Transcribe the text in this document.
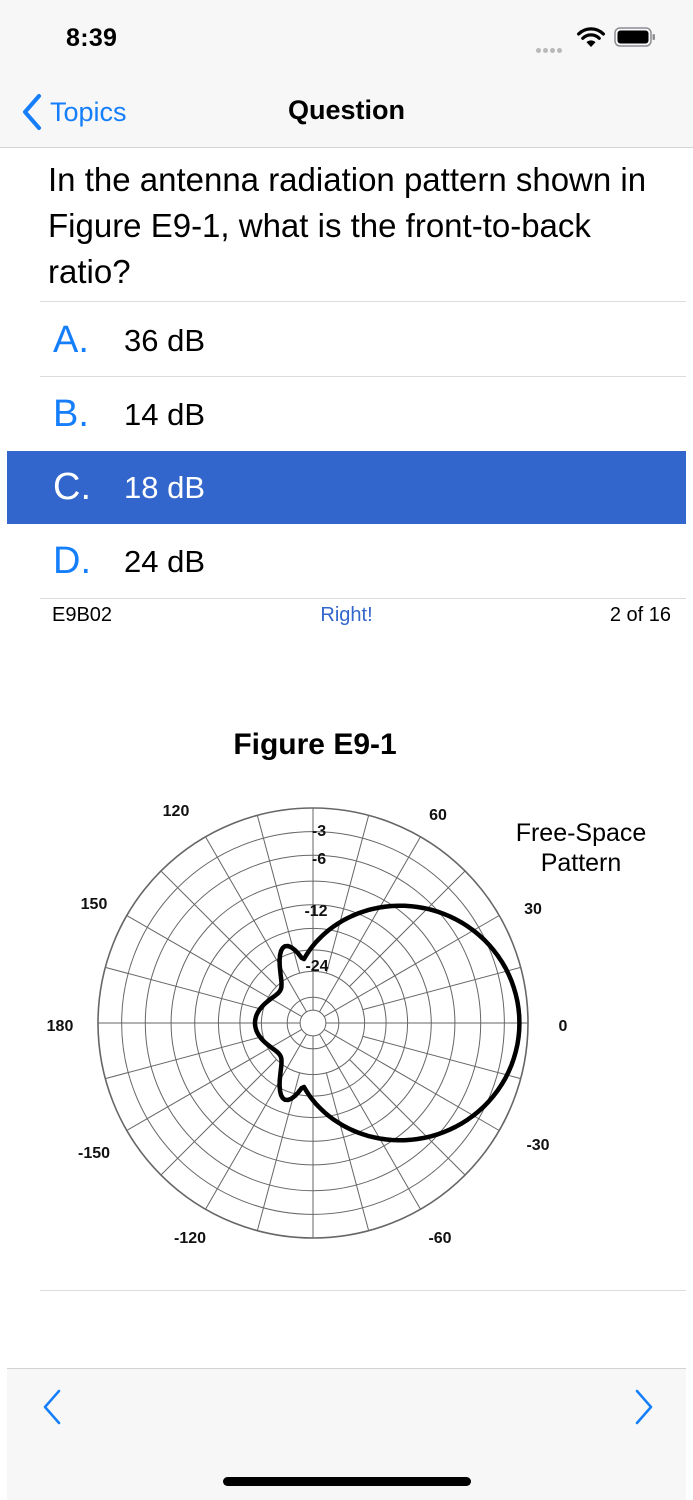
8:39
Topics	Question
In the antenna radiation pattern shown in Figure E9-1, what is the front-to-back ratio?
A. 36 dB
B. 14 dB
C. 18 dB
D. 24 dB
E9B02	Right!	2 of 16
Figure E9-1
Free-Space
Pattern
120	60
150	30
180	0
-150	-30
-120	-60
-3
-6
-12
-24
